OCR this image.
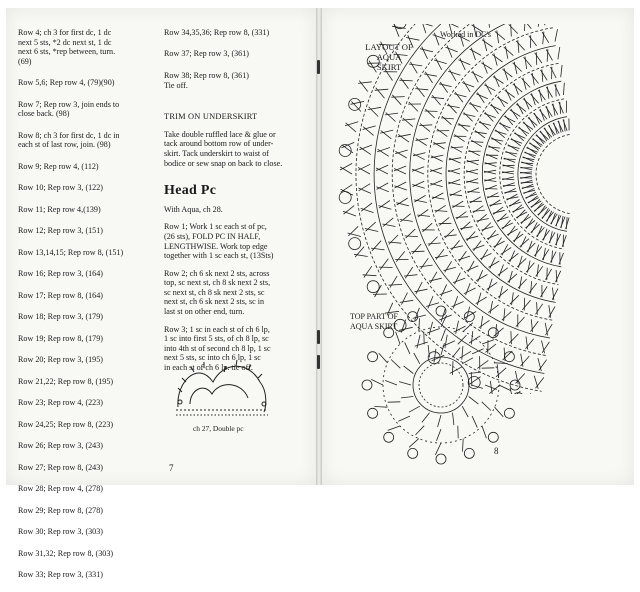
Row 4; ch 3 for first dc, 1 dc
next 5 sts, *2 dc next st, 1 dc
next 6 sts, *rep between, turn.
(69)
Row 5,6; Rep row 4, (79)(90)
Row 7; Rep row 3, join ends to
close back. (98)
Row 8; ch 3 for first dc, 1 dc in
each st of last row, join. (98)
Row 9; Rep row 4, (112)
Row 10; Rep row 3, (122)
Row 11; Rep row 4,(139)
Row 12; Rep row 3, (151)
Row 13,14,15; Rep row 8, (151)
Row 16; Rep row 3, (164)
Row 17; Rep row 8, (164)
Row 18; Rep row 3, (179)
Row 19; Rep row 8, (179)
Row 20; Rep row 3, (195)
Row 21,22; Rep row 8, (195)
Row 23; Rep row 4, (223)
Row 24,25; Rep row 8, (223)
Row 26; Rep row 3, (243)
Row 27; Rep row 8, (243)
Row 28; Rep row 4, (278)
Row 29; Rep row 8, (278)
Row 30; Rep row 3, (303)
Row 31,32; Rep row 8, (303)
Row 33; Rep row 3, (331)
Row 34,35,36; Rep row 8, (331)
Row 37; Rep row 3, (361)
Row 38; Rep row 8, (361)
Tie off.
TRIM ON UNDERSKIRT
Take double ruffled lace & glue or
tack around bottom row of under-
skirt. Tack underskirt to waist of
bodice or sew snap on back to close.
Head Pc
With Aqua, ch 28.
Row 1; Work 1 sc each st of pc,
(26 sts), FOLD PC IN HALF,
LENGTHWISE. Work top edge
together with 1 sc each st, (13Sts)
Row 2; ch 6 sk next 2 sts, across
top, sc next st, ch 8 sk next 2 sts,
sc next st, ch 8 sk next 2 sts, sc
next st, ch 6 sk next 2 sts, sc in
last st on other end, turn.
Row 3; 1 sc in each st of ch 6 lp,
1 sc into first 5 sts, of ch 8 lp, sc
into 4th st of second ch 8 lp, 1 sc
next 5 sts, sc into ch 6 lp, 1 sc
in each st of ch 6 lp. tie off.
ch 27, Double pc
7
LAYOUT OF
AQUA
SKIRT
Worked in DC's
TOP PART OF
AQUA SKIRT
8
